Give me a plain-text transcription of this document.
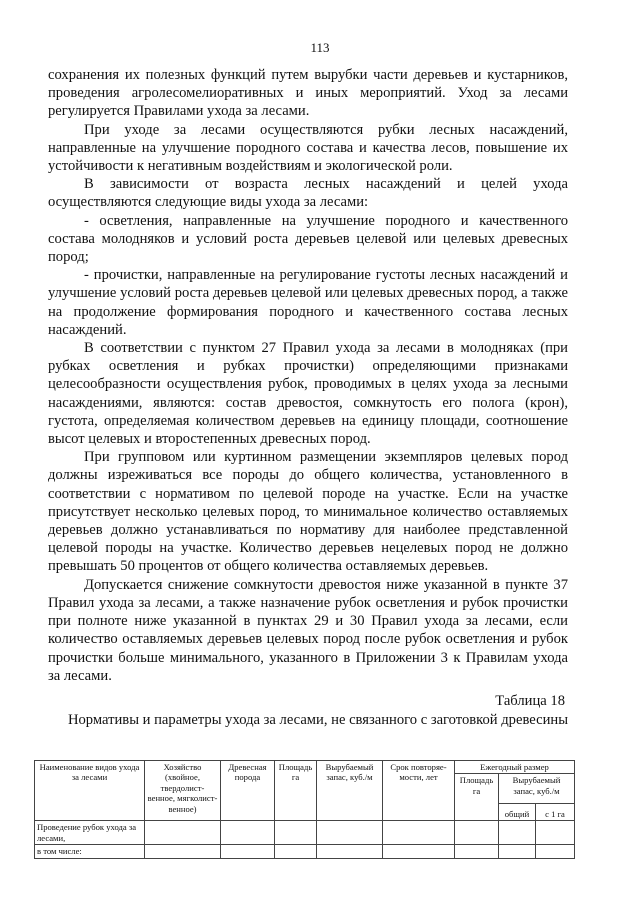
113

сохранения их полезных функций путем вырубки части деревьев и кустарников, проведения агролесомелиоративных и иных мероприятий. Уход за лесами регулируется Правилами ухода за лесами.

При уходе за лесами осуществляются рубки лесных насаждений, направленные на улучшение породного состава и качества лесов, повышение их устойчивости к негативным воздействиям и экологической роли.

В зависимости от возраста лесных насаждений и целей ухода осуществляются следующие виды ухода за лесами:

- осветления, направленные на улучшение породного и качественного состава молодняков и условий роста деревьев целевой или целевых древесных пород;

- прочистки, направленные на регулирование густоты лесных насаждений и улучшение условий роста деревьев целевой или целевых древесных пород, а также на продолжение формирования породного и качественного состава лесных насаждений.

В соответствии с пунктом 27 Правил ухода за лесами в молодняках (при рубках осветления и рубках прочистки) определяющими признаками целесообразности осуществления рубок, проводимых в целях ухода за лесными насаждениями, являются: состав древостоя, сомкнутость его полога (крон), густота, определяемая количеством деревьев на единицу площади, соотношение высот целевых и второстепенных древесных пород.

При групповом или куртинном размещении экземпляров целевых пород должны изреживаться все породы до общего количества, установленного в соответствии с нормативом по целевой породе на участке. Если на участке присутствует несколько целевых пород, то минимальное количество оставляемых деревьев должно устанавливаться по нормативу для наиболее представленной целевой породы на участке. Количество деревьев нецелевых пород не должно превышать 50 процентов от общего количества оставляемых деревьев.

Допускается снижение сомкнутости древостоя ниже указанной в пункте 37 Правил ухода за лесами, а также назначение рубок осветления и рубок прочистки при полноте ниже указанной в пунктах 29 и 30 Правил ухода за лесами, если количество оставляемых деревьев целевых пород после рубок осветления и рубок прочистки больше минимального, указанного в Приложении 3 к Правилам ухода за лесами.

Таблица 18
Нормативы и параметры ухода за лесами, не связанного с заготовкой древесины
Наименование видов ухода за лесами	Хозяйство (хвойное, твердолист-венное, мягколист-венное)	Древесная порода	Площадь га	Вырубаемый запас, куб./м	Срок повторяе-мости, лет	Ежегодный размер		
						Площадь га	Вырубаемый запас, куб./м	
							общий	с 1 га
Проведение рубок ухода за лесами,								
в том числе:								
